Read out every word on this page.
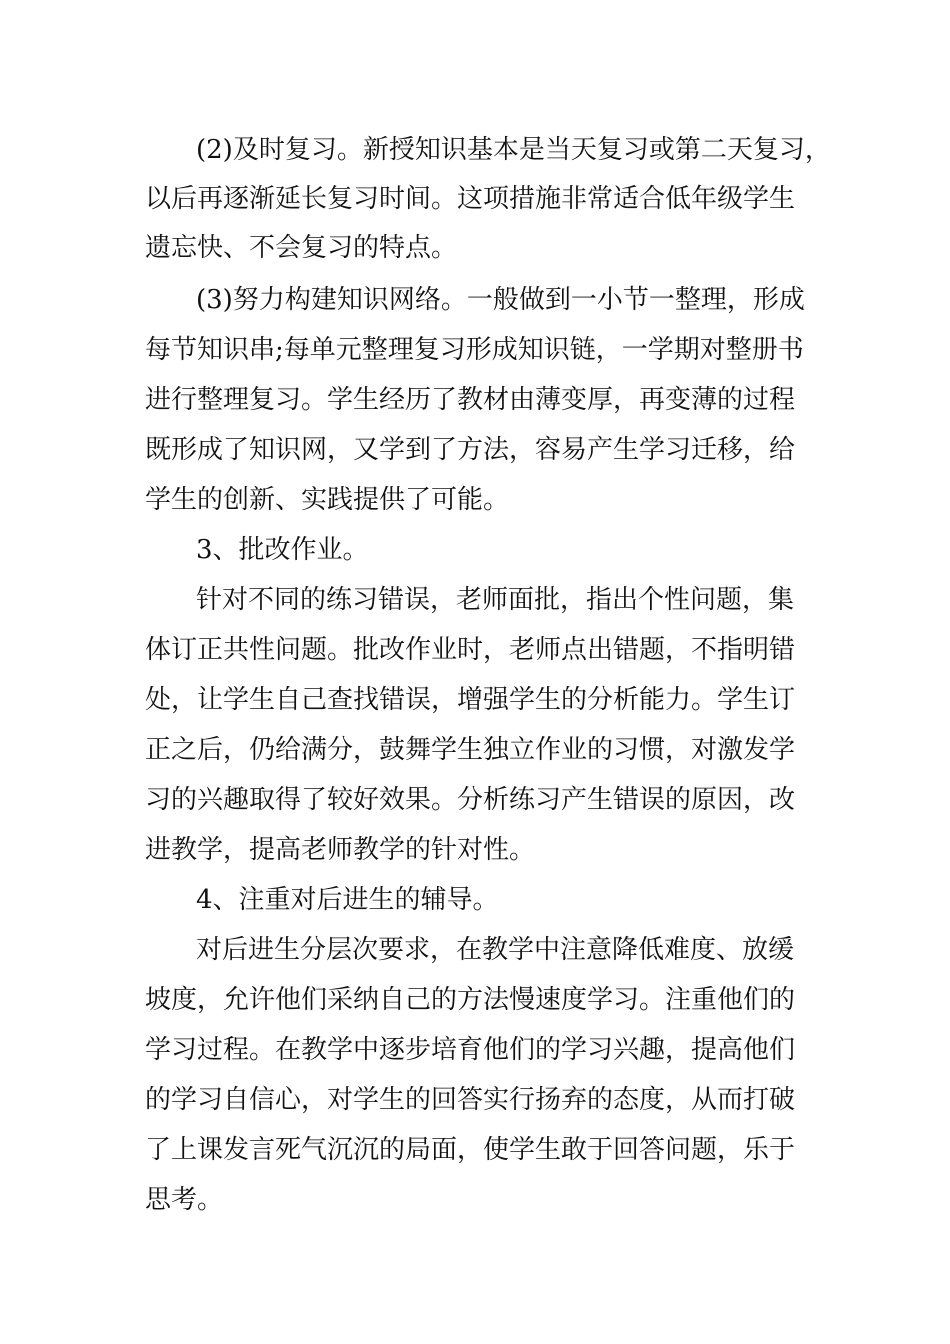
(2)及时复习。新授知识基本是当天复习或第二天复习，
以后再逐渐延长复习时间。这项措施非常适合低年级学生
遗忘快、不会复习的特点。
(3)努力构建知识网络。一般做到一小节一整理，形成
每节知识串;每单元整理复习形成知识链，一学期对整册书
进行整理复习。学生经历了教材由薄变厚，再变薄的过程
既形成了知识网，又学到了方法，容易产生学习迁移，给
学生的创新、实践提供了可能。
3、批改作业。
针对不同的练习错误，老师面批，指出个性问题，集
体订正共性问题。批改作业时，老师点出错题，不指明错
处，让学生自己查找错误，增强学生的分析能力。学生订
正之后，仍给满分，鼓舞学生独立作业的习惯，对激发学
习的兴趣取得了较好效果。分析练习产生错误的原因，改
进教学，提高老师教学的针对性。
4、注重对后进生的辅导。
对后进生分层次要求，在教学中注意降低难度、放缓
坡度，允许他们采纳自己的方法慢速度学习。注重他们的
学习过程。在教学中逐步培育他们的学习兴趣，提高他们
的学习自信心，对学生的回答实行扬弃的态度，从而打破
了上课发言死气沉沉的局面，使学生敢于回答问题，乐于
思考。
